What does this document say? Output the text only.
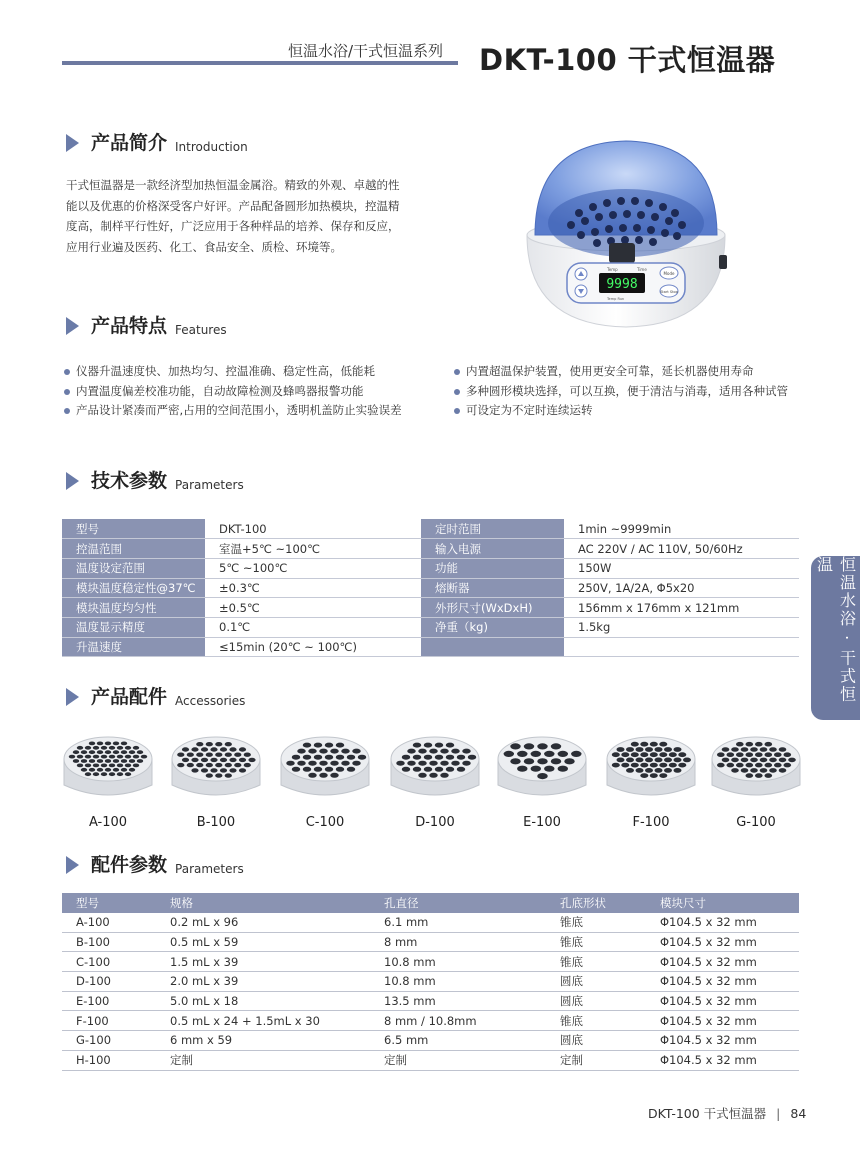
恒温水浴/干式恒温系列 DKT-100 干式恒温器
产品简介 Introduction
干式恒温器是一款经济型加热恒温金属浴。精致的外观、卓越的性
能以及优惠的价格深受客户好评。产品配备圆形加热模块，控温精
度高，制样平行性好，广泛应用于各种样品的培养、保存和反应，
应用行业遍及医药、化工、食品安全、质检、环境等。
9998
Mode
Start Stop
Temp	Time
Temp Run
产品特点 Features
仪器升温速度快、加热均匀、控温准确、稳定性高，低能耗
内置温度偏差校准功能，自动故障检测及蜂鸣器报警功能
产品设计紧凑而严密,占用的空间范围小，透明机盖防止实验误差
内置超温保护装置，使用更安全可靠，延长机器使用寿命
多种圆形模块选择，可以互换，便于清洁与消毒，适用各种试管
可设定为不定时连续运转
技术参数 Parameters
型号	DKT-100	定时范围	1min ~9999min
控温范围	室温+5℃ ~100℃	输入电源	AC 220V / AC 110V, 50/60Hz
温度设定范围	5℃ ~100℃	功能	150W
模块温度稳定性@37℃	±0.3℃	熔断器	250V, 1A/2A, Φ5x20
模块温度均匀性	±0.5℃	外形尺寸(WxDxH)	156mm x 176mm x 121mm
温度显示精度	0.1℃	净重（kg)	1.5kg
升温速度	≤15min (20℃ ~ 100℃)			恒温水浴 · 干式恒温
产品配件 Accessories
A-100	B-100	C-100	D-100	E-100	F-100	G-100
配件参数 Parameters
型号	规格	孔直径	孔底形状	模块尺寸
A-100	0.2 mL x 96	6.1 mm	锥底	Φ104.5 x 32 mm
B-100	0.5 mL x 59	8 mm	锥底	Φ104.5 x 32 mm
C-100	1.5 mL x 39	10.8 mm	锥底	Φ104.5 x 32 mm
D-100	2.0 mL x 39	10.8 mm	圆底	Φ104.5 x 32 mm
E-100	5.0 mL x 18	13.5 mm	圆底	Φ104.5 x 32 mm
F-100	0.5 mL x 24 + 1.5mL x 30	8 mm / 10.8mm	锥底	Φ104.5 x 32 mm
G-100	6 mm x 59	6.5 mm	圆底	Φ104.5 x 32 mm
H-100	定制	定制	定制	Φ104.5 x 32 mm
DKT-100 干式恒温器 | 84
